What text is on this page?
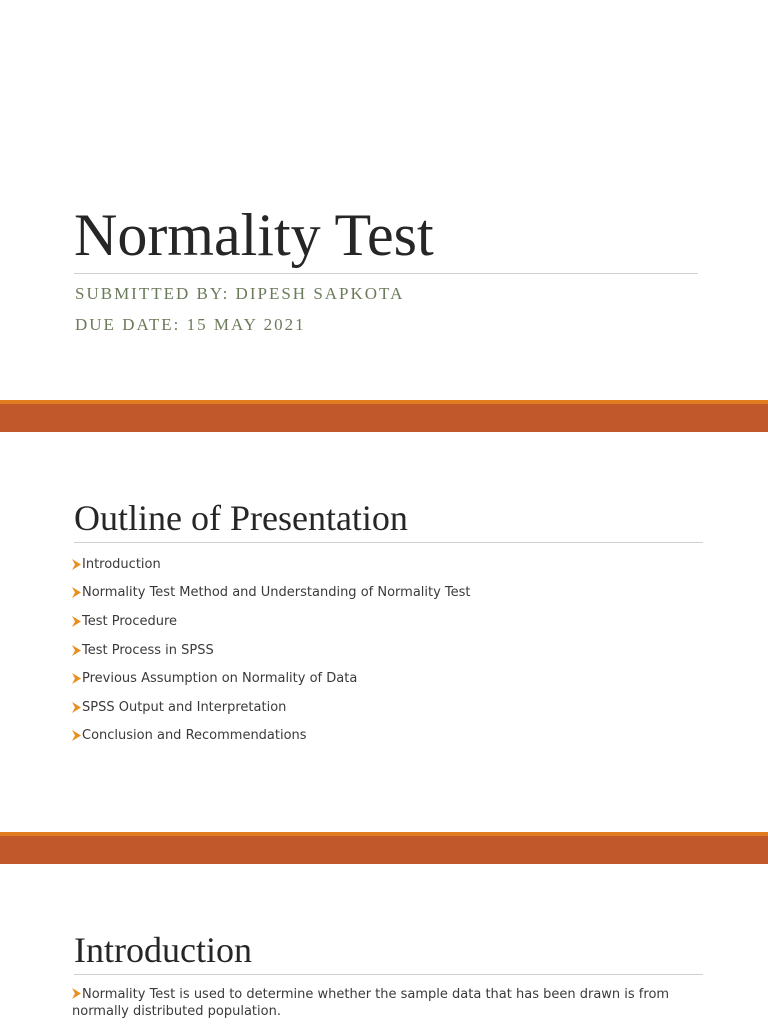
Normality Test

SUBMITTED BY: DIPESH SAPKOTA

DUE DATE: 15 MAY 2021

Outline of Presentation
Introduction
Normality Test Method and Understanding of Normality Test
Test Procedure
Test Process in SPSS
Previous Assumption on Normality of Data
SPSS Output and Interpretation
Conclusion and Recommendations
Introduction

Normality Test is used to determine whether the sample data that has been drawn is from normally distributed population.
